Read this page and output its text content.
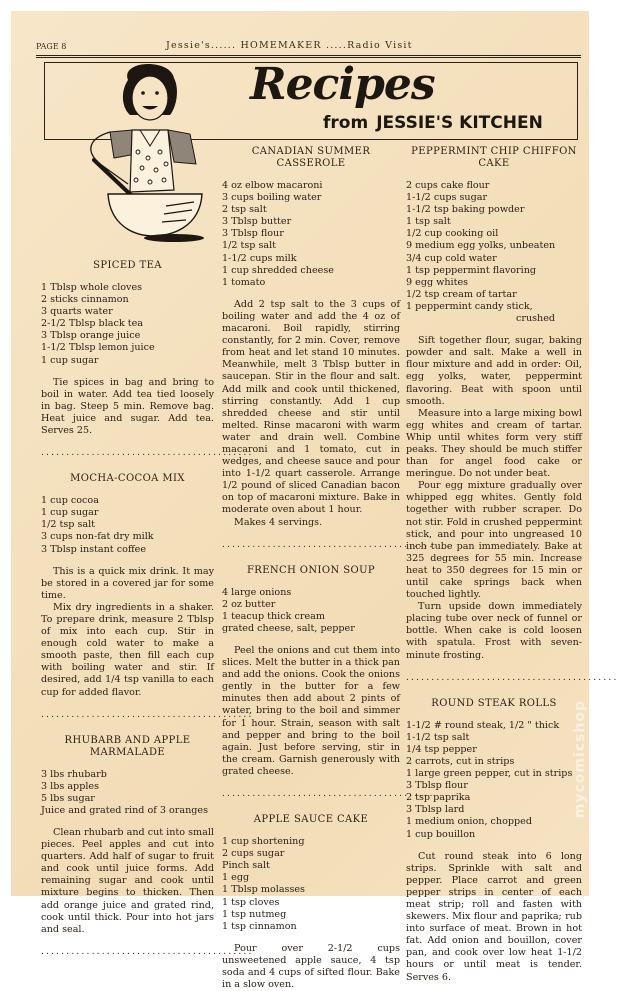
PAGE 8	Jessie's...... HOMEMAKER .....Radio Visit
Recipes
from JESSIE'S KITCHEN
SPICED TEA
1 Tblsp whole cloves
2 sticks cinnamon
3 quarts water
2-1/2 Tblsp black tea
3 Tblsp orange juice
1-1/2 Tblsp lemon juice
1 cup sugar

Tie spices in bag and bring to boil in water. Add tea tied loosely in bag. Steep 5 min. Remove bag. Heat juice and sugar. Add tea. Serves 25.

..........................................
MOCHA-COCOA MIX
1 cup cocoa
1 cup sugar
1/2 tsp salt
3 cups non-fat dry milk
3 Tblsp instant coffee

This is a quick mix drink. It may be stored in a covered jar for some time.

Mix dry ingredients in a shaker. To prepare drink, measure 2 Tblsp of mix into each cup. Stir in enough cold water to make a smooth paste, then fill each cup with boiling water and stir. If desired, add 1/4 tsp vanilla to each cup for added flavor.

..........................................
RHUBARB AND APPLE MARMALADE
3 lbs rhubarb
3 lbs apples
5 lbs sugar
Juice and grated rind of 3 oranges

Clean rhubarb and cut into small pieces. Peel apples and cut into quarters. Add half of sugar to fruit and cook until juice forms. Add remaining sugar and cook until mixture begins to thicken. Then add orange juice and grated rind, cook until thick. Pour into hot jars and seal.

..........................................
CANADIAN SUMMER CASSEROLE
4 oz elbow macaroni
3 cups boiling water
2 tsp salt
3 Tblsp butter
3 Tblsp flour
1/2 tsp salt
1-1/2 cups milk
1 cup shredded cheese
1 tomato

Add 2 tsp salt to the 3 cups of boiling water and add the 4 oz of macaroni. Boil rapidly, stirring constantly, for 2 min. Cover, remove from heat and let stand 10 minutes. Meanwhile, melt 3 Tblsp butter in saucepan. Stir in the flour and salt. Add milk and cook until thickened, stirring constantly. Add 1 cup shredded cheese and stir until melted. Rinse macaroni with warm water and drain well. Combine macaroni and 1 tomato, cut in wedges, and cheese sauce and pour into 1-1/2 quart casserole. Arrange 1/2 pound of sliced Canadian bacon on top of macaroni mixture. Bake in moderate oven about 1 hour.

Makes 4 servings.

..........................................
FRENCH ONION SOUP
4 large onions
2 oz butter
1 teacup thick cream
grated cheese, salt, pepper

Peel the onions and cut them into slices. Melt the butter in a thick pan and add the onions. Cook the onions gently in the butter for a few minutes then add about 2 pints of water, bring to the boil and simmer for 1 hour. Strain, season with salt and pepper and bring to the boil again. Just before serving, stir in the cream. Garnish generously with grated cheese.

..........................................
APPLE SAUCE CAKE
1 cup shortening
2 cups sugar
Pinch salt
1 egg
1 Tblsp molasses
1 tsp cloves
1 tsp nutmeg
1 tsp cinnamon

Pour over 2-1/2 cups unsweetened apple sauce, 4 tsp soda and 4 cups of sifted flour. Bake in a slow oven.

PEPPERMINT CHIP CHIFFON CAKE
2 cups cake flour
1-1/2 cups sugar
1-1/2 tsp baking powder
1 tsp salt
1/2 cup cooking oil
9 medium egg yolks, unbeaten
3/4 cup cold water
1 tsp peppermint flavoring
9 egg whites
1/2 tsp cream of tartar
1 peppermint candy stick,
crushed

Sift together flour, sugar, baking powder and salt. Make a well in flour mixture and add in order: Oil, egg yolks, water, peppermint flavoring. Beat with spoon until smooth.

Measure into a large mixing bowl egg whites and cream of tartar. Whip until whites form very stiff peaks. They should be much stiffer than for angel food cake or meringue. Do not under beat.

Pour egg mixture gradually over whipped egg whites. Gently fold together with rubber scraper. Do not stir. Fold in crushed peppermint stick, and pour into ungreased 10 inch tube pan immediately. Bake at 325 degrees for 55 min. Increase heat to 350 degrees for 15 min or until cake springs back when touched lightly.

Turn upside down immediately placing tube over neck of funnel or bottle. When cake is cold loosen with spatula. Frost with seven-minute frosting.

..........................................
ROUND STEAK ROLLS
1-1/2 # round steak, 1/2 " thick
1-1/2 tsp salt
1/4 tsp pepper
2 carrots, cut in strips
1 large green pepper, cut in strips
3 Tblsp flour
2 tsp paprika
3 Tblsp lard
1 medium onion, chopped
1 cup bouillon

Cut round steak into 6 long strips. Sprinkle with salt and pepper. Place carrot and green pepper strips in center of each meat strip; roll and fasten with skewers. Mix flour and paprika; rub into surface of meat. Brown in hot fat. Add onion and bouillon, cover pan, and cook over low heat 1-1/2 hours or until meat is tender. Serves 6.

mycomicshop
